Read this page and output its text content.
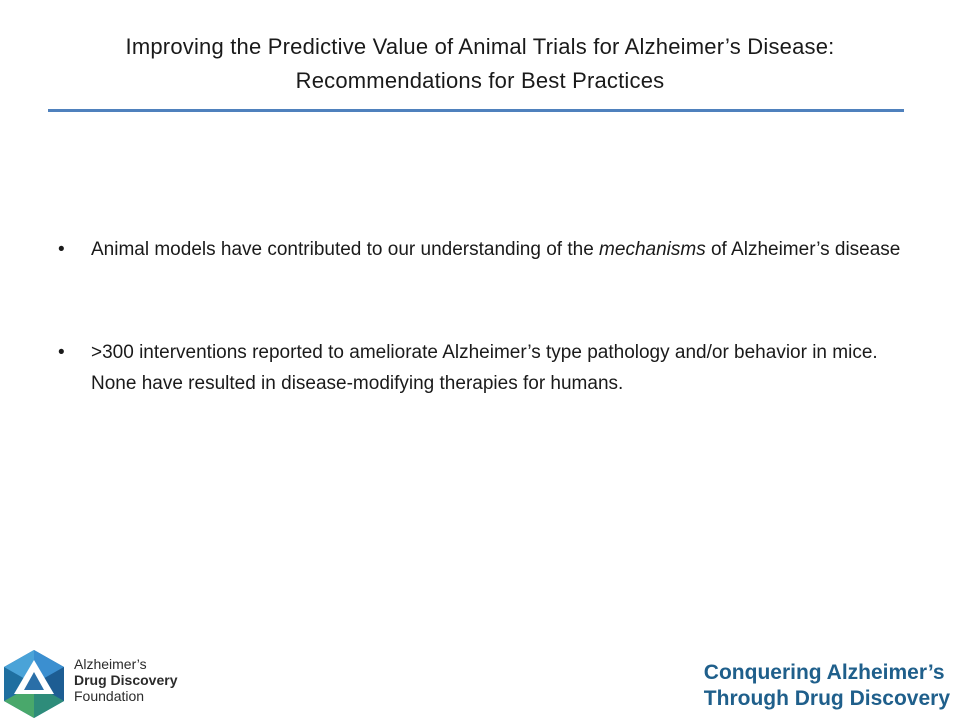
Improving the Predictive Value of Animal Trials for Alzheimer’s Disease:
Recommendations for Best Practices
• Animal models have contributed to our understanding of the mechanisms of Alzheimer’s disease
• >300 interventions reported to ameliorate Alzheimer’s type pathology and/or behavior in mice. None have resulted in disease-modifying therapies for humans.
Alzheimer’s
Drug Discovery
Foundation
Conquering Alzheimer’s
Through Drug Discovery
